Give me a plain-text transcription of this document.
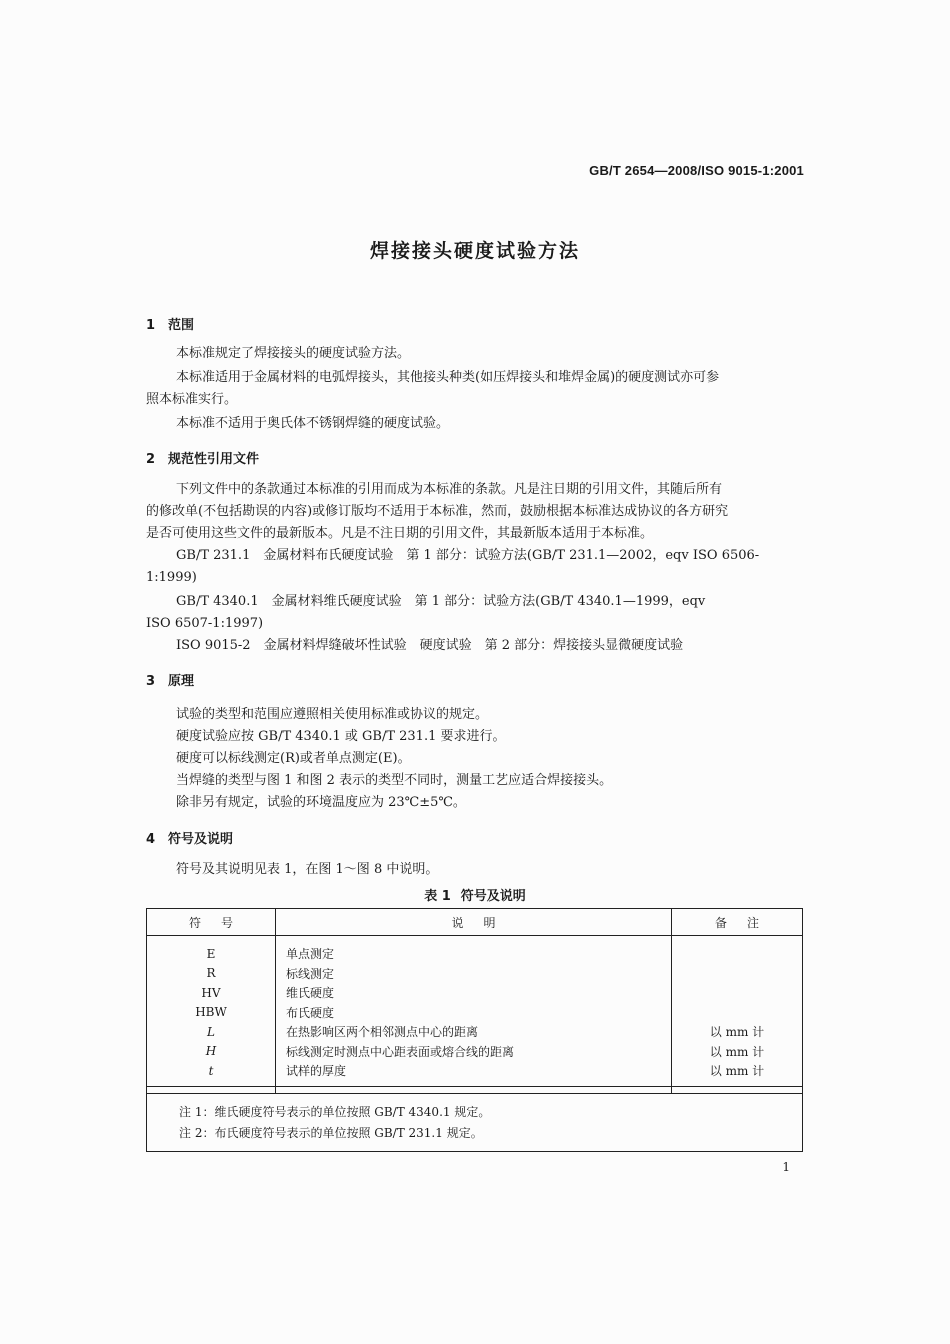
GB/T 2654—2008/ISO 9015-1:2001
焊接接头硬度试验方法
1 范围
本标准规定了焊接接头的硬度试验方法。
本标准适用于金属材料的电弧焊接头，其他接头种类(如压焊接头和堆焊金属)的硬度测试亦可参
照本标准实行。
本标准不适用于奥氏体不锈钢焊缝的硬度试验。
2 规范性引用文件
下列文件中的条款通过本标准的引用而成为本标准的条款。凡是注日期的引用文件，其随后所有
的修改单(不包括勘误的内容)或修订版均不适用于本标准，然而，鼓励根据本标准达成协议的各方研究
是否可使用这些文件的最新版本。凡是不注日期的引用文件，其最新版本适用于本标准。
GB/T 231.1　金属材料布氏硬度试验　第 1 部分：试验方法(GB/T 231.1—2002，eqv ISO 6506-
1:1999)
GB/T 4340.1　金属材料维氏硬度试验　第 1 部分：试验方法(GB/T 4340.1—1999，eqv
ISO 6507-1:1997)
ISO 9015-2　金属材料焊缝破坏性试验　硬度试验　第 2 部分：焊接接头显微硬度试验
3 原理
试验的类型和范围应遵照相关使用标准或协议的规定。
硬度试验应按 GB/T 4340.1 或 GB/T 231.1 要求进行。
硬度可以标线测定(R)或者单点测定(E)。
当焊缝的类型与图 1 和图 2 表示的类型不同时，测量工艺应适合焊接接头。
除非另有规定，试验的环境温度应为 23℃±5℃。
4 符号及说明
符号及其说明见表 1，在图 1～图 8 中说明。
表 1 符号及说明
符号	说明	备注

E	单点测定	
R	标线测定	
HV	维氏硬度	
HBW	布氏硬度	
L	在热影响区两个相邻测点中心的距离	以 mm 计
H	标线测定时测点中心距表面或熔合线的距离	以 mm 计
t	试样的厚度	以 mm 计

注 1：维氏硬度符号表示的单位按照 GB/T 4340.1 规定。
注 2：布氏硬度符号表示的单位按照 GB/T 231.1 规定。
1
